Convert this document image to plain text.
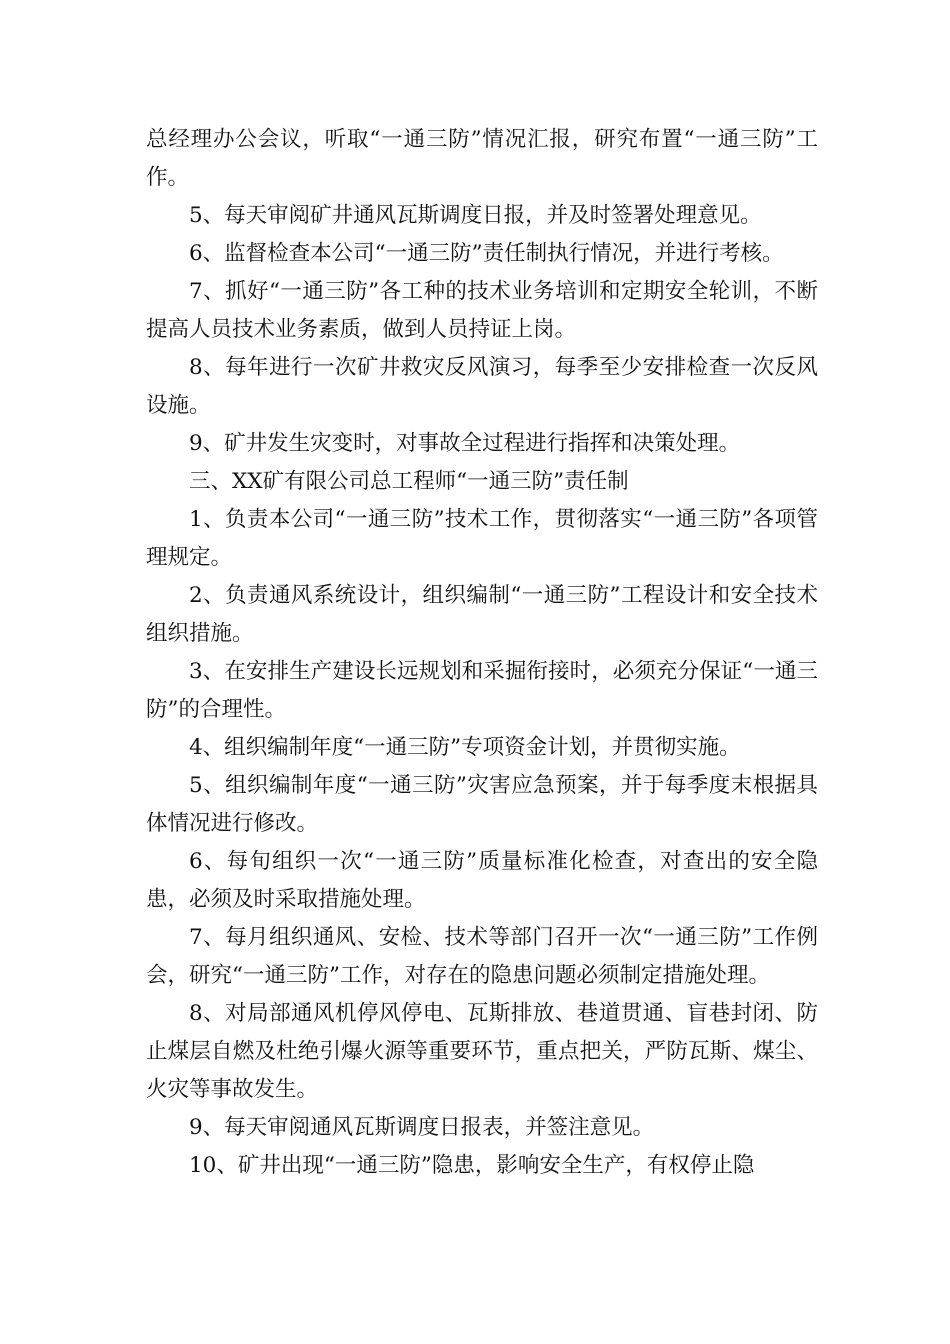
总经理办公会议，听取“一通三防”情况汇报，研究布置“一通三防”工作。

5、每天审阅矿井通风瓦斯调度日报，并及时签署处理意见。

6、监督检查本公司“一通三防”责任制执行情况，并进行考核。

7、抓好“一通三防”各工种的技术业务培训和定期安全轮训，不断提高人员技术业务素质，做到人员持证上岗。

8、每年进行一次矿井救灾反风演习，每季至少安排检查一次反风设施。

9、矿井发生灾变时，对事故全过程进行指挥和决策处理。

三、XX矿有限公司总工程师“一通三防”责任制

1、负责本公司“一通三防”技术工作，贯彻落实“一通三防”各项管理规定。

2、负责通风系统设计，组织编制“一通三防”工程设计和安全技术组织措施。

3、在安排生产建设长远规划和采掘衔接时，必须充分保证“一通三防”的合理性。

4、组织编制年度“一通三防”专项资金计划，并贯彻实施。

5、组织编制年度“一通三防”灾害应急预案，并于每季度末根据具体情况进行修改。

6、每旬组织一次“一通三防”质量标准化检查，对查出的安全隐患，必须及时采取措施处理。

7、每月组织通风、安检、技术等部门召开一次“一通三防”工作例会，研究“一通三防”工作，对存在的隐患问题必须制定措施处理。

8、对局部通风机停风停电、瓦斯排放、巷道贯通、盲巷封闭、防止煤层自燃及杜绝引爆火源等重要环节，重点把关，严防瓦斯、煤尘、火灾等事故发生。

9、每天审阅通风瓦斯调度日报表，并签注意见。

10、矿井出现“一通三防”隐患，影响安全生产，有权停止隐
